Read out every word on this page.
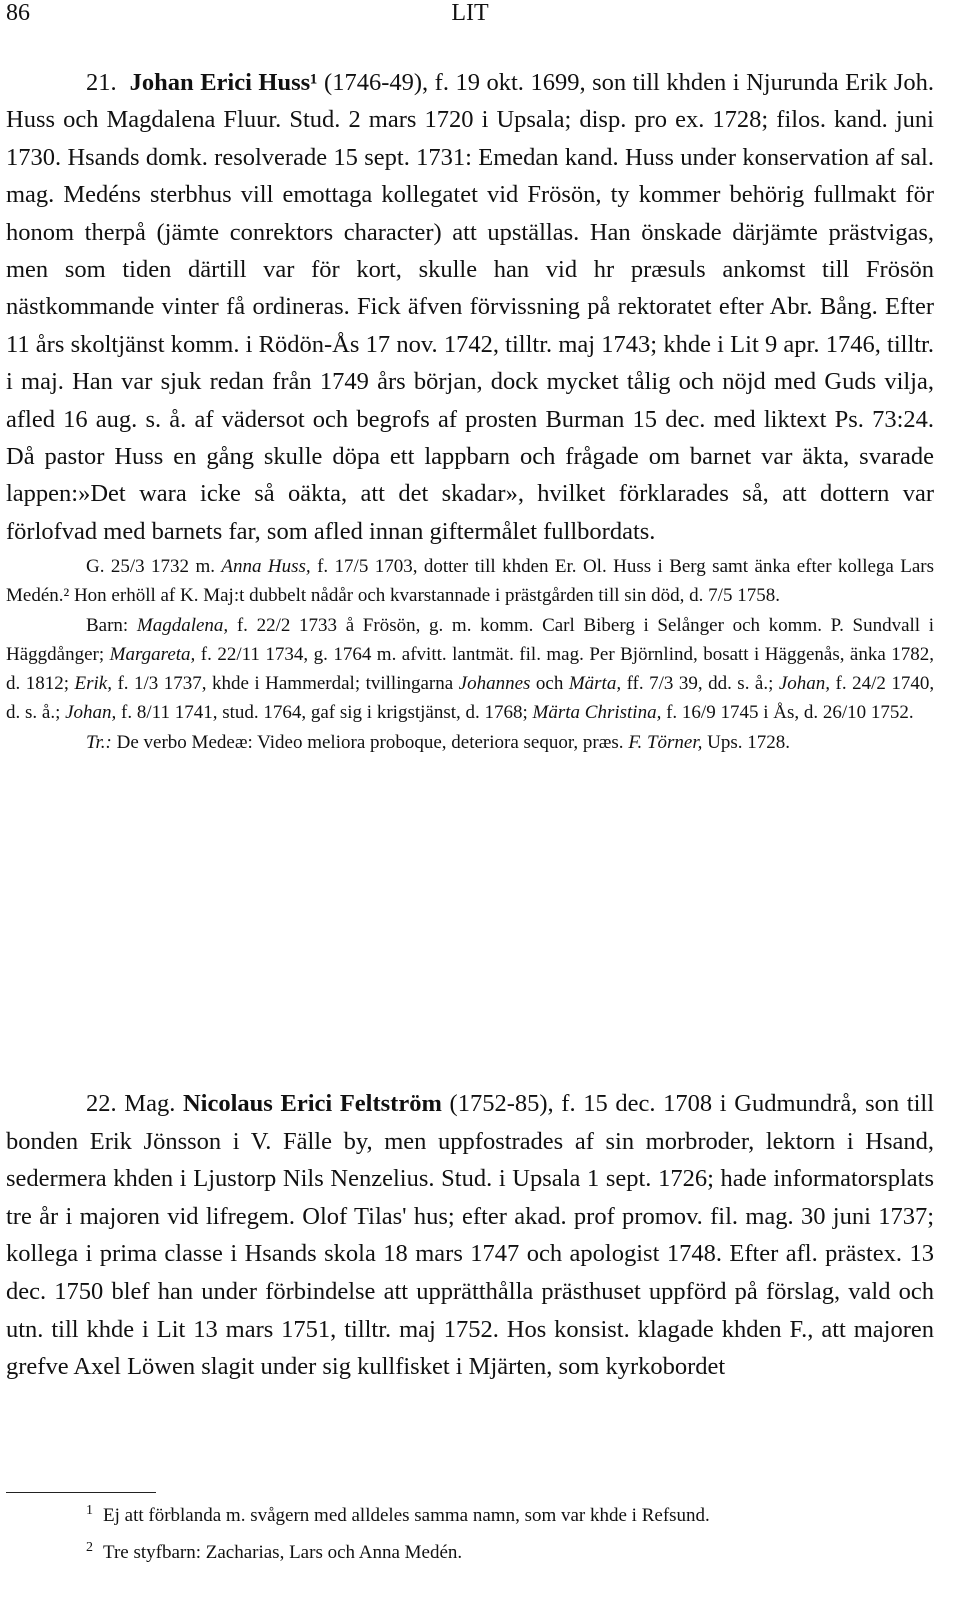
86	LIT

21. Johan Erici Huss¹ (1746-49), f. 19 okt. 1699, son till khden i Njurunda Erik Joh. Huss och Magdalena Fluur. Stud. 2 mars 1720 i Upsala; disp. pro ex. 1728; filos. kand. juni 1730. Hsands domk. resolverade 15 sept. 1731: Emedan kand. Huss under konservation af sal. mag. Medéns sterbhus vill emottaga kollegatet vid Frösön, ty kommer behörig fullmakt för honom therpå (jämte conrektors character) att upställas. Han önskade därjämte prästvigas, men som tiden därtill var för kort, skulle han vid hr præsuls ankomst till Frösön nästkommande vinter få ordineras. Fick äfven förvissning på rektoratet efter Abr. Bång. Efter 11 års skoltjänst komm. i Rödön-Ås 17 nov. 1742, tilltr. maj 1743; khde i Lit 9 apr. 1746, tilltr. i maj. Han var sjuk redan från 1749 års början, dock mycket tålig och nöjd med Guds vilja, afled 16 aug. s. å. af vädersot och begrofs af prosten Burman 15 dec. med liktext Ps. 73:24. Då pastor Huss en gång skulle döpa ett lappbarn och frågade om barnet var äkta, svarade lappen:»Det wara icke så oäkta, att det skadar», hvilket förklarades så, att dottern var förlofvad med barnets far, som afled innan giftermålet fullbordats.

G. 25/3 1732 m. Anna Huss, f. 17/5 1703, dotter till khden Er. Ol. Huss i Berg samt änka efter kollega Lars Medén.² Hon erhöll af K. Maj:t dubbelt nådår och kvarstannade i prästgården till sin död, d. 7/5 1758.

Barn: Magdalena, f. 22/2 1733 å Frösön, g. m. komm. Carl Biberg i Selånger och komm. P. Sundvall i Häggdånger; Margareta, f. 22/11 1734, g. 1764 m. afvitt. lantmät. fil. mag. Per Björnlind, bosatt i Häggenås, änka 1782, d. 1812; Erik, f. 1/3 1737, khde i Hammerdal; tvillingarna Johannes och Märta, ff. 7/3 39, dd. s. å.; Johan, f. 24/2 1740, d. s. å.; Johan, f. 8/11 1741, stud. 1764, gaf sig i krigstjänst, d. 1768; Märta Christina, f. 16/9 1745 i Ås, d. 26/10 1752.

Tr.: De verbo Medeæ: Video meliora proboque, deteriora sequor, præs. F. Törner, Ups. 1728.

22. Mag. Nicolaus Erici Feltström (1752-85), f. 15 dec. 1708 i Gudmundrå, son till bonden Erik Jönsson i V. Fälle by, men uppfostrades af sin morbroder, lektorn i Hsand, sedermera khden i Ljustorp Nils Nenzelius. Stud. i Upsala 1 sept. 1726; hade informatorsplats tre år i majoren vid lifregem. Olof Tilas' hus; efter akad. prof promov. fil. mag. 30 juni 1737; kollega i prima classe i Hsands skola 18 mars 1747 och apologist 1748. Efter afl. prästex. 13 dec. 1750 blef han under förbindelse att upprätthålla prästhuset uppförd på förslag, vald och utn. till khde i Lit 13 mars 1751, tilltr. maj 1752. Hos konsist. klagade khden F., att majoren grefve Axel Löwen slagit under sig kullfisket i Mjärten, som kyrkobordet

$^1$ Ej att förblanda m. svågern med alldeles samma namn, som var khde i Refsund.
$^2$ Tre styfbarn: Zacharias, Lars och Anna Medén.
